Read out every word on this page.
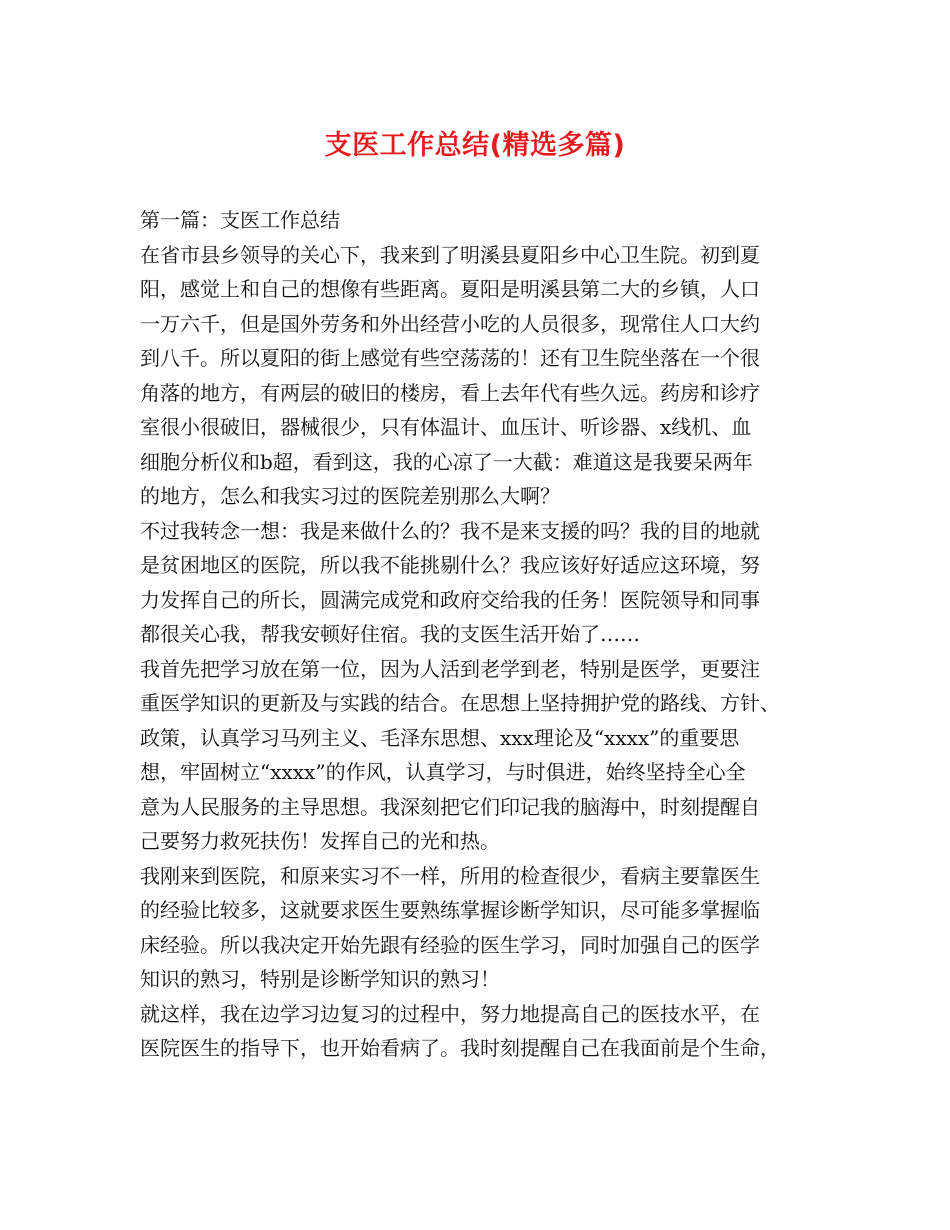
支医工作总结(精选多篇)
第一篇：支医工作总结
在省市县乡领导的关心下，我来到了明溪县夏阳乡中心卫生院。初到夏
阳，感觉上和自己的想像有些距离。夏阳是明溪县第二大的乡镇，人口
一万六千，但是国外劳务和外出经营小吃的人员很多，现常住人口大约
到八千。所以夏阳的街上感觉有些空荡荡的！还有卫生院坐落在一个很
角落的地方，有两层的破旧的楼房，看上去年代有些久远。药房和诊疗
室很小很破旧，器械很少，只有体温计、血压计、听诊器、x线机、血
细胞分析仪和b超，看到这，我的心凉了一大截：难道这是我要呆两年
的地方，怎么和我实习过的医院差别那么大啊？
不过我转念一想：我是来做什么的？我不是来支援的吗？我的目的地就
是贫困地区的医院，所以我不能挑剔什么？我应该好好适应这环境，努
力发挥自己的所长，圆满完成党和政府交给我的任务！医院领导和同事
都很关心我，帮我安顿好住宿。我的支医生活开始了……
我首先把学习放在第一位，因为人活到老学到老，特别是医学，更要注
重医学知识的更新及与实践的结合。在思想上坚持拥护党的路线、方针、
政策，认真学习马列主义、毛泽东思想、xxx理论及“xxxx”的重要思
想，牢固树立“xxxx”的作风，认真学习，与时俱进，始终坚持全心全
意为人民服务的主导思想。我深刻把它们印记我的脑海中，时刻提醒自
己要努力救死扶伤！发挥自己的光和热。
我刚来到医院，和原来实习不一样，所用的检查很少，看病主要靠医生
的经验比较多，这就要求医生要熟练掌握诊断学知识，尽可能多掌握临
床经验。所以我决定开始先跟有经验的医生学习，同时加强自己的医学
知识的熟习，特别是诊断学知识的熟习！
就这样，我在边学习边复习的过程中，努力地提高自己的医技水平，在
医院医生的指导下，也开始看病了。我时刻提醒自己在我面前是个生命，
